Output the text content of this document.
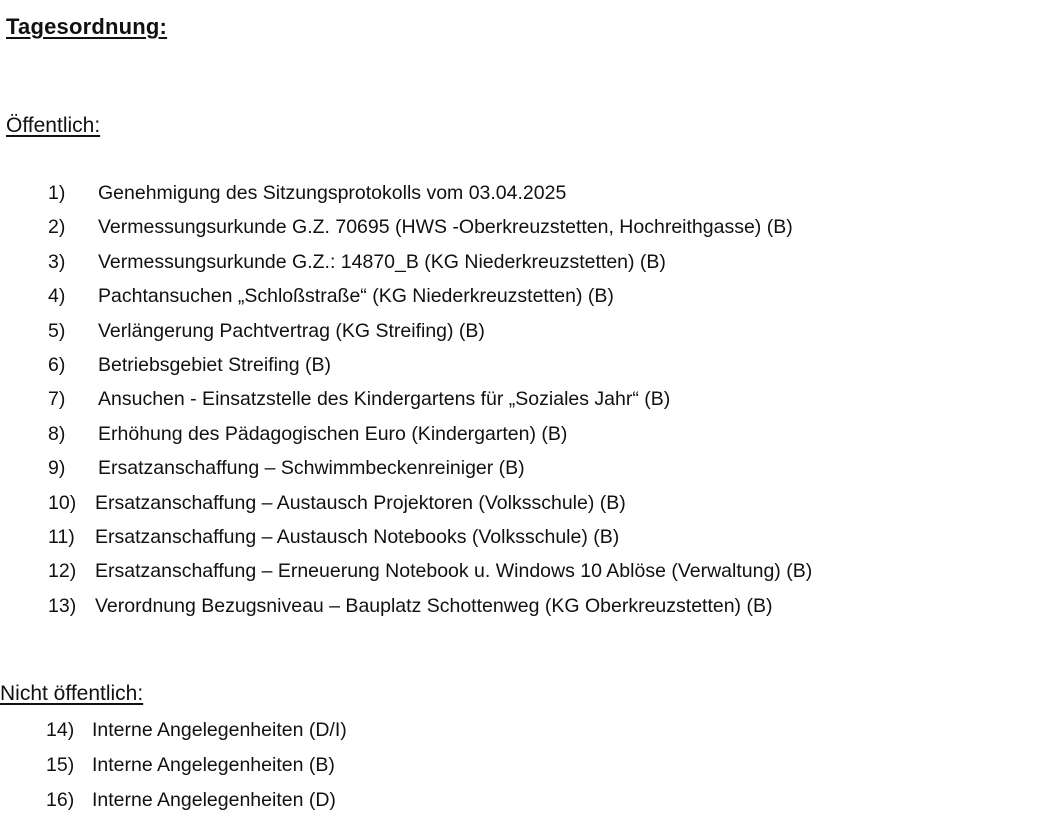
Tagesordnung:
Öffentlich:
1)	Genehmigung des Sitzungsprotokolls vom 03.04.2025
2)	Vermessungsurkunde G.Z. 70695 (HWS -Oberkreuzstetten, Hochreithgasse) (B)
3)	Vermessungsurkunde G.Z.: 14870_B (KG Niederkreuzstetten) (B)
4)	Pachtansuchen „Schloßstraße“ (KG Niederkreuzstetten) (B)
5)	Verlängerung Pachtvertrag (KG Streifing) (B)
6)	Betriebsgebiet Streifing (B)
7)	Ansuchen - Einsatzstelle des Kindergartens für „Soziales Jahr“ (B)
8)	Erhöhung des Pädagogischen Euro (Kindergarten) (B)
9)	Ersatzanschaffung – Schwimmbeckenreiniger (B)
10) Ersatzanschaffung – Austausch Projektoren (Volksschule) (B)
11)	Ersatzanschaffung – Austausch Notebooks (Volksschule) (B)
12) Ersatzanschaffung – Erneuerung Notebook u. Windows 10 Ablöse (Verwaltung) (B)
13) Verordnung Bezugsniveau – Bauplatz Schottenweg (KG Oberkreuzstetten) (B)
Nicht öffentlich:
14) Interne Angelegenheiten (D/I)
15) Interne Angelegenheiten (B)
16) Interne Angelegenheiten (D)
